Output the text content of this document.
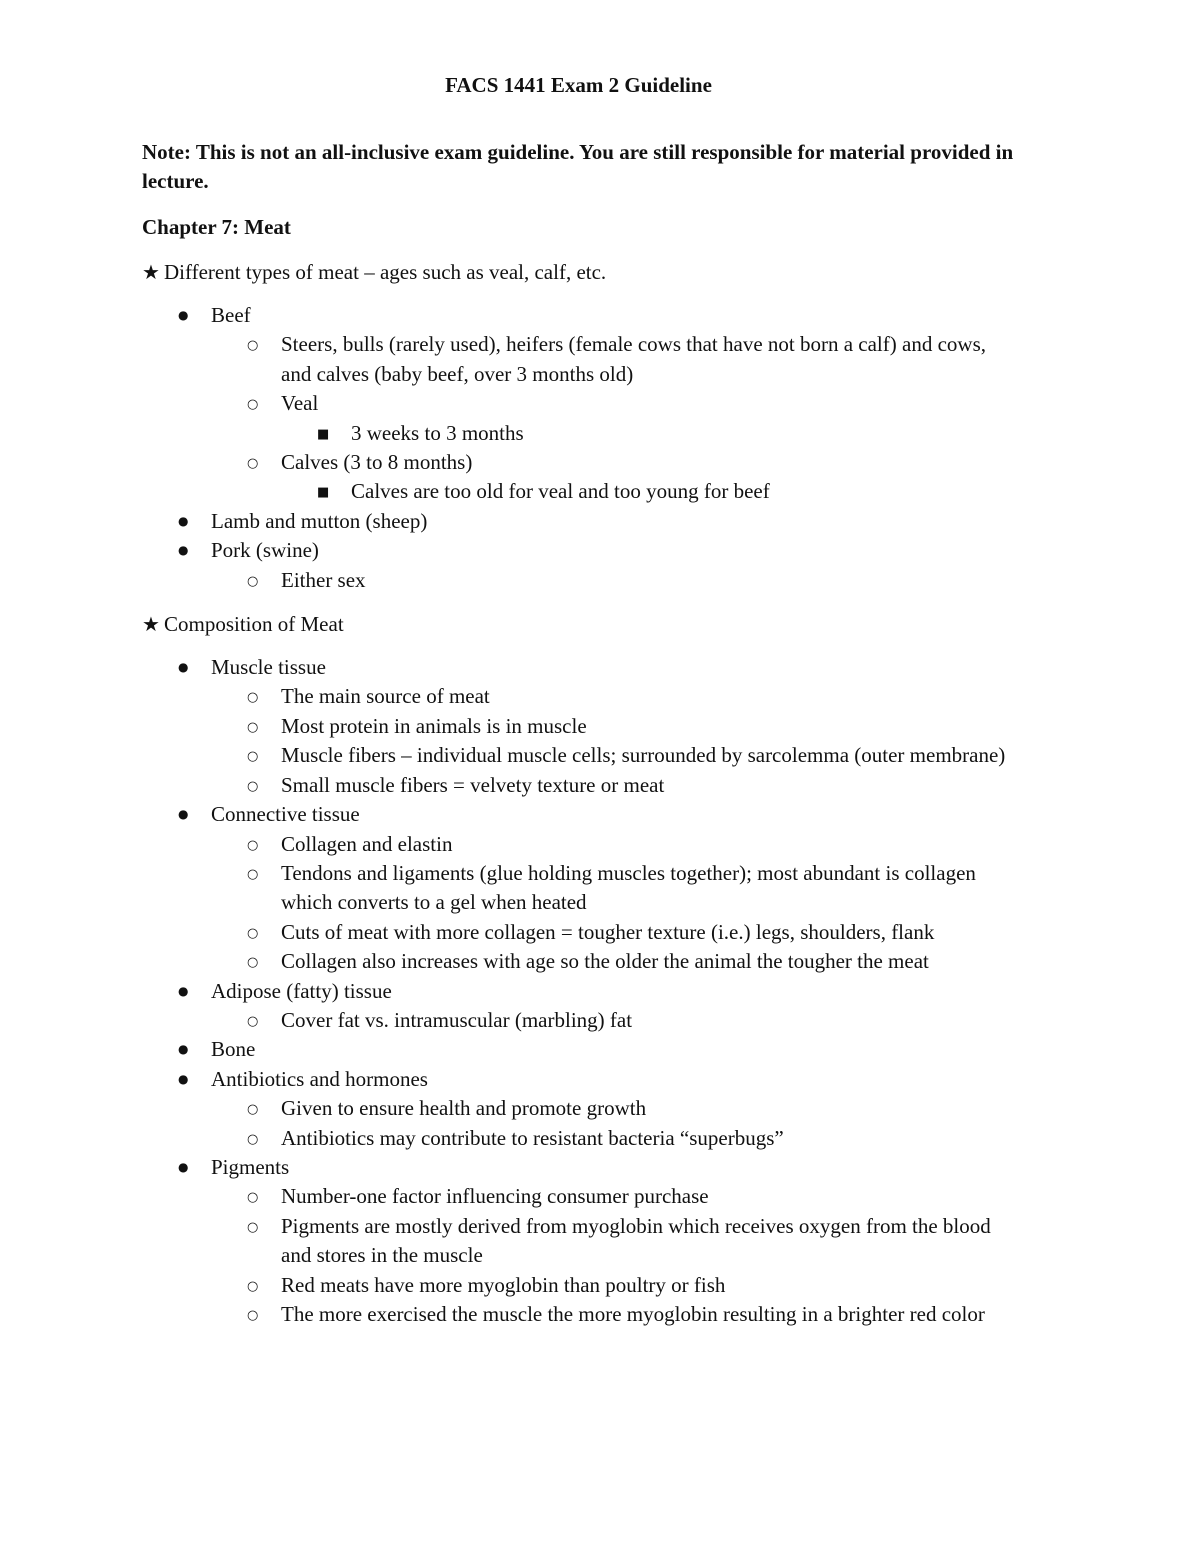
FACS 1441 Exam 2 Guideline
Note: This is not an all-inclusive exam guideline. You are still responsible for material provided in lecture.
Chapter 7: Meat
★ Different types of meat – ages such as veal, calf, etc.
● Beef
○ Steers, bulls (rarely used), heifers (female cows that have not born a calf) and cows, and calves (baby beef, over 3 months old)
○ Veal
■ 3 weeks to 3 months
○ Calves (3 to 8 months)
■ Calves are too old for veal and too young for beef
● Lamb and mutton (sheep)
● Pork (swine)
○ Either sex
★ Composition of Meat
● Muscle tissue
○ The main source of meat
○ Most protein in animals is in muscle
○ Muscle fibers – individual muscle cells; surrounded by sarcolemma (outer membrane)
○ Small muscle fibers = velvety texture or meat
● Connective tissue
○ Collagen and elastin
○ Tendons and ligaments (glue holding muscles together); most abundant is collagen which converts to a gel when heated
○ Cuts of meat with more collagen = tougher texture (i.e.) legs, shoulders, flank
○ Collagen also increases with age so the older the animal the tougher the meat
● Adipose (fatty) tissue
○ Cover fat vs. intramuscular (marbling) fat
● Bone
● Antibiotics and hormones
○ Given to ensure health and promote growth
○ Antibiotics may contribute to resistant bacteria “superbugs”
● Pigments
○ Number-one factor influencing consumer purchase
○ Pigments are mostly derived from myoglobin which receives oxygen from the blood and stores in the muscle
○ Red meats have more myoglobin than poultry or fish
○ The more exercised the muscle the more myoglobin resulting in a brighter red color
